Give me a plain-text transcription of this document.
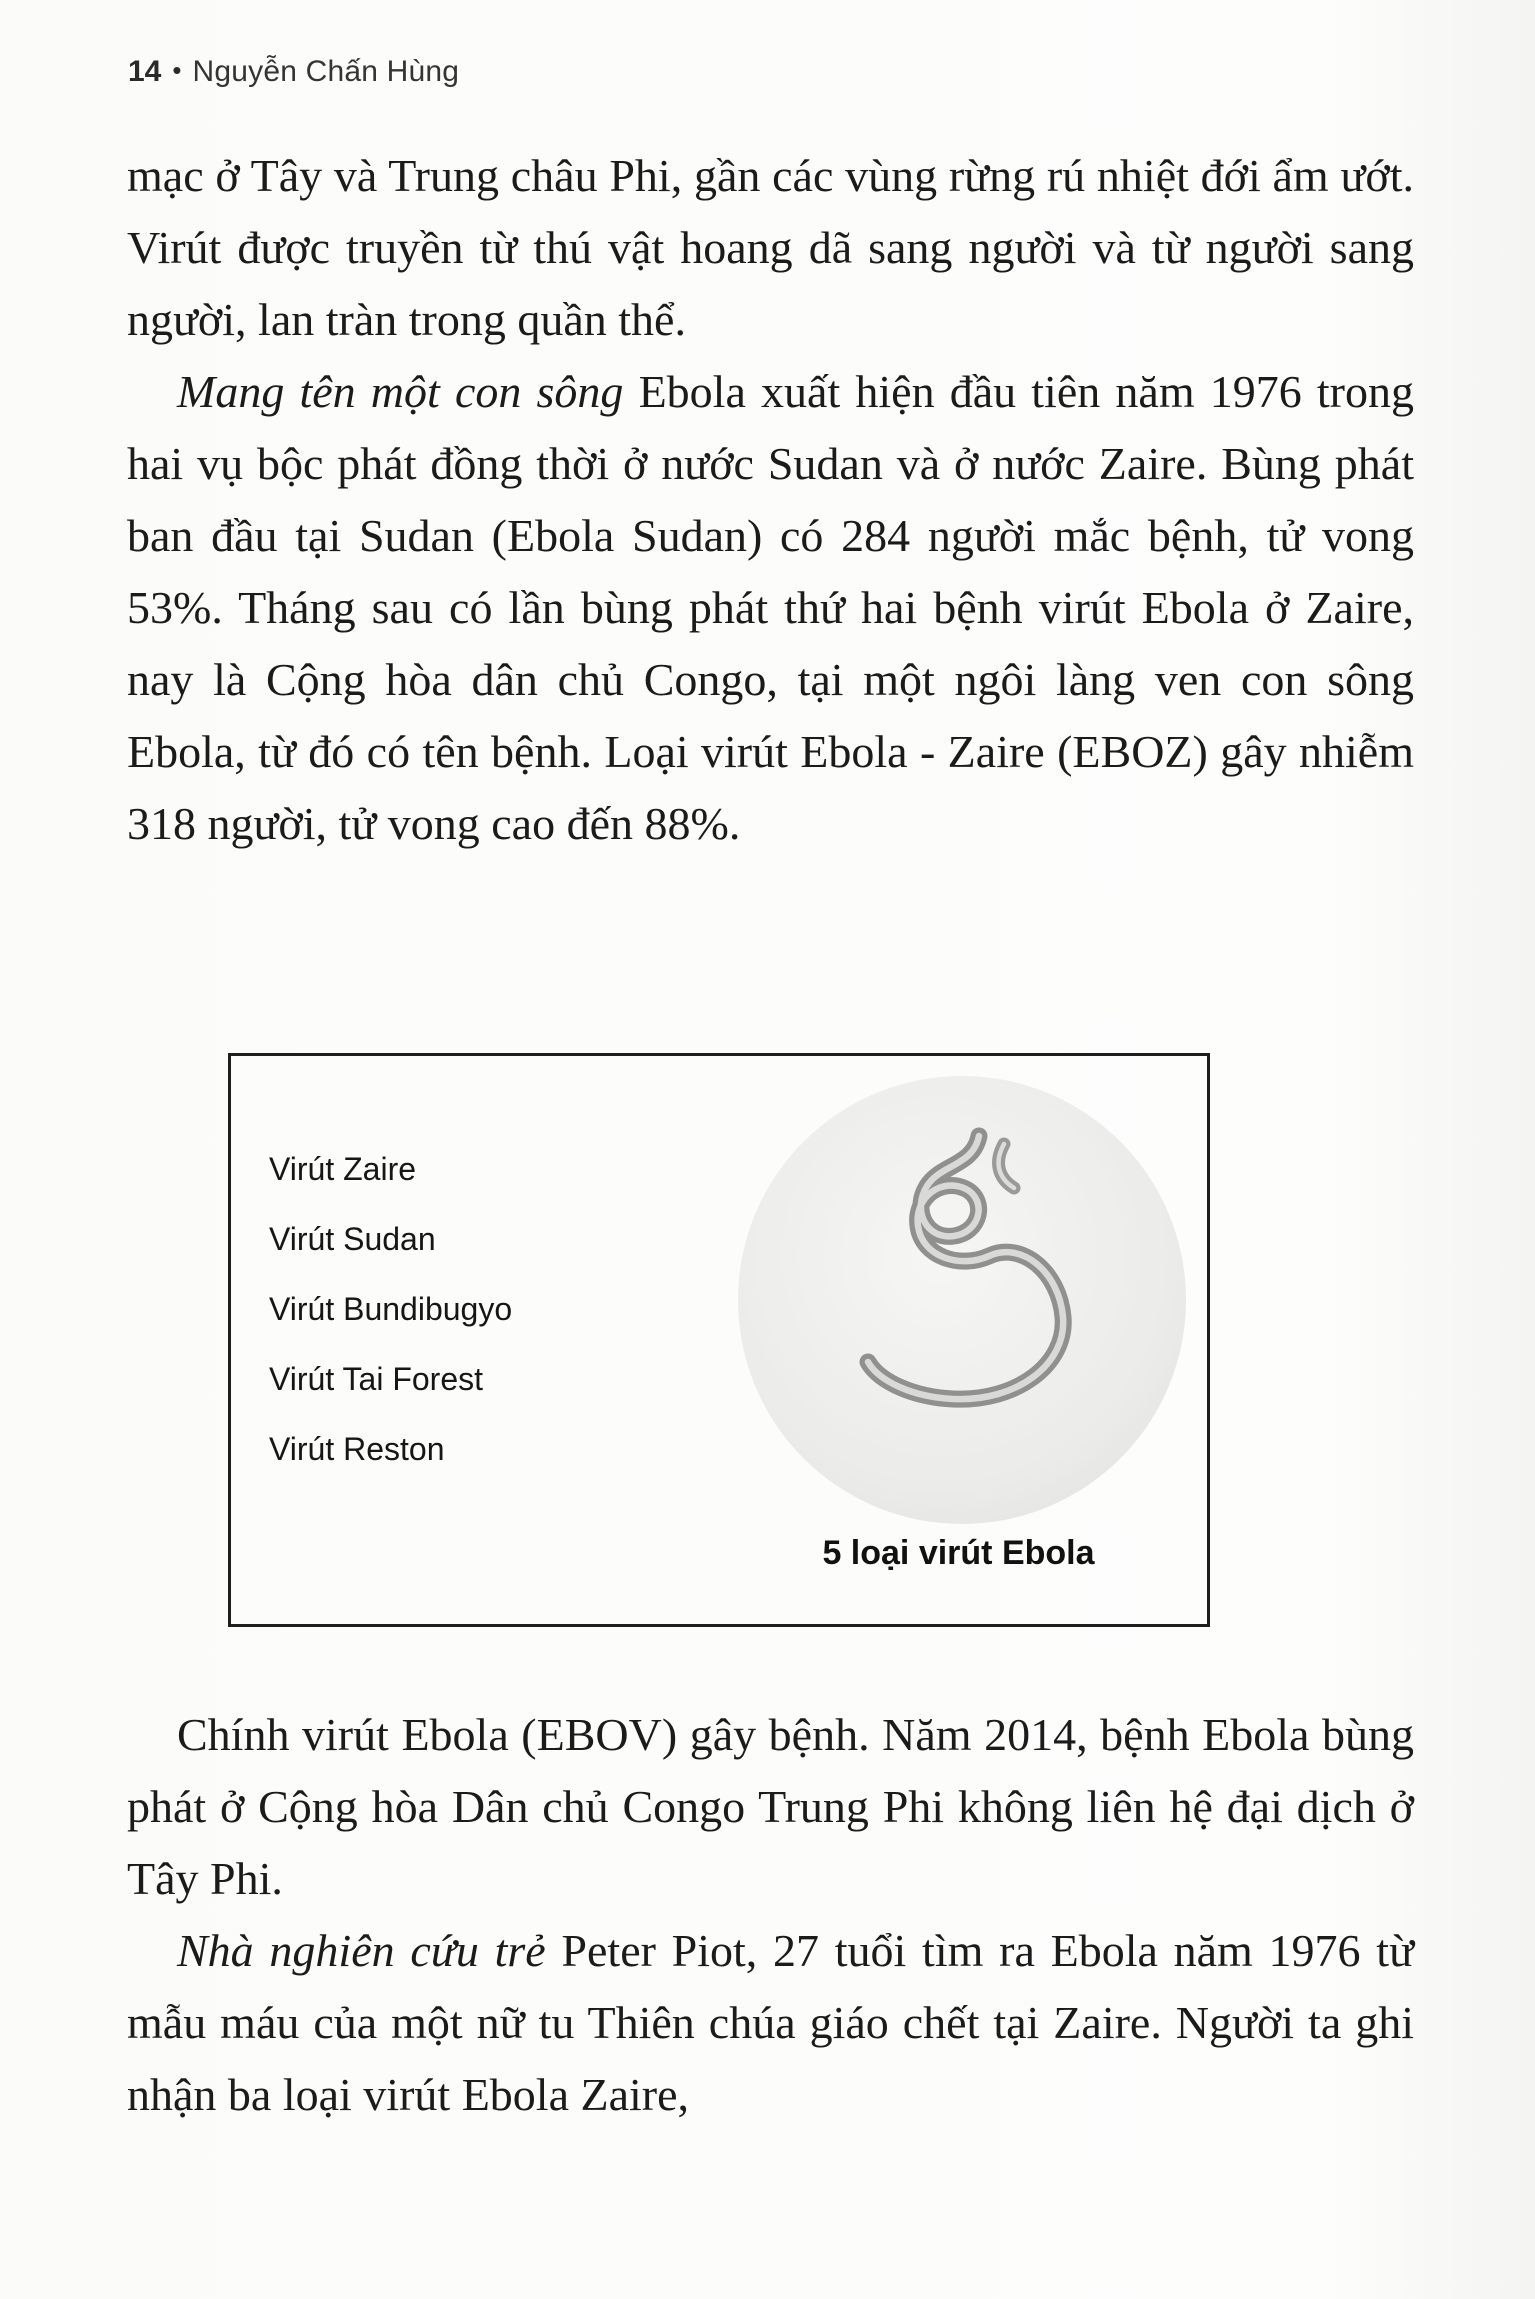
14 • Nguyễn Chấn Hùng

mạc ở Tây và Trung châu Phi, gần các vùng rừng rú nhiệt đới ẩm ướt. Virút được truyền từ thú vật hoang dã sang người và từ người sang người, lan tràn trong quần thể.

Mang tên một con sông Ebola xuất hiện đầu tiên năm 1976 trong hai vụ bộc phát đồng thời ở nước Sudan và ở nước Zaire. Bùng phát ban đầu tại Sudan (Ebola Sudan) có 284 người mắc bệnh, tử vong 53%. Tháng sau có lần bùng phát thứ hai bệnh virút Ebola ở Zaire, nay là Cộng hòa dân chủ Congo, tại một ngôi làng ven con sông Ebola, từ đó có tên bệnh. Loại virút Ebola - Zaire (EBOZ) gây nhiễm 318 người, tử vong cao đến 88%.

Virút Zaire
Virút Sudan
Virút Bundibugyo
Virút Tai Forest
Virút Reston
5 loại virút Ebola

Chính virút Ebola (EBOV) gây bệnh. Năm 2014, bệnh Ebola bùng phát ở Cộng hòa Dân chủ Congo Trung Phi không liên hệ đại dịch ở Tây Phi.

Nhà nghiên cứu trẻ Peter Piot, 27 tuổi tìm ra Ebola năm 1976 từ mẫu máu của một nữ tu Thiên chúa giáo chết tại Zaire. Người ta ghi nhận ba loại virút Ebola Zaire,
